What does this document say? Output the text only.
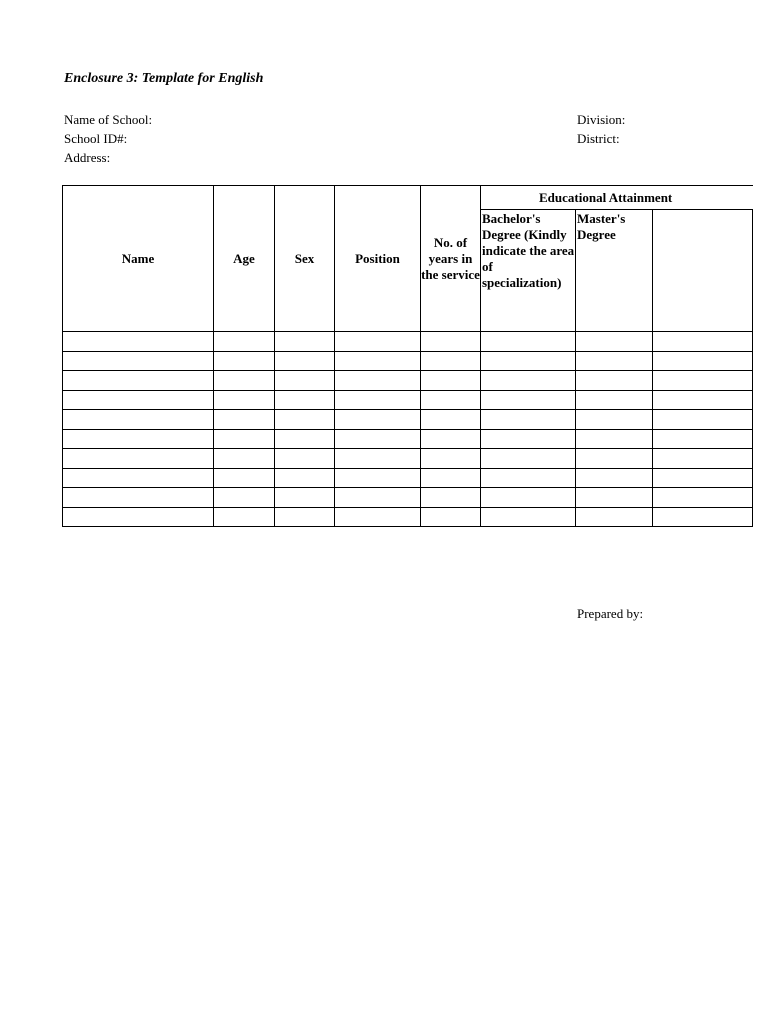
Enclosure 3: Template for English
Name of School:
School ID#:
Address:
Division:
District:
Name	Age	Sex	Position	No. of years in the service	Educational Attainment		
					Bachelor's Degree (Kindly indicate the area of specialization)	Master's Degree	

Prepared by:
